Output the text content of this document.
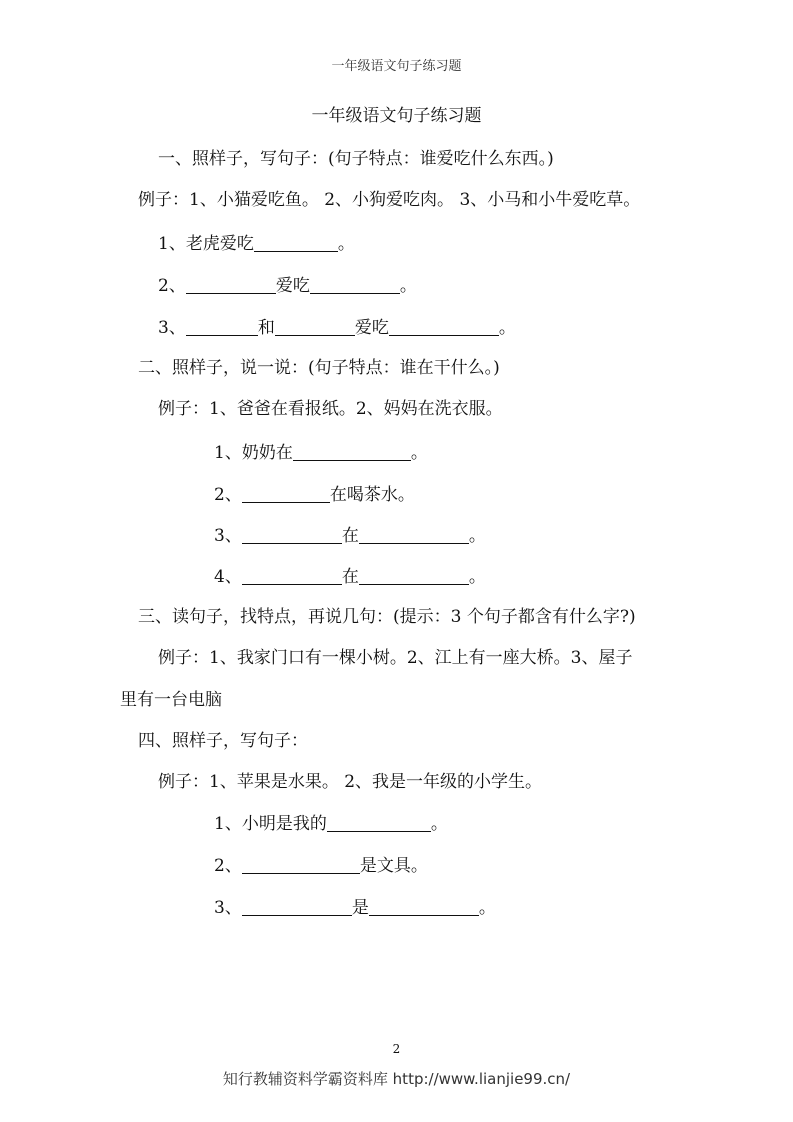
一年级语文句子练习题
一年级语文句子练习题
一、照样子，写句子：(句子特点：谁爱吃什么东西。)
例子：1、小猫爱吃鱼。 2、小狗爱吃肉。 3、小马和小牛爱吃草。
1、老虎爱吃	。
2、	爱吃	。
3、	和	爱吃	。
二、照样子，说一说：(句子特点：谁在干什么。)
例子：1、爸爸在看报纸。2、妈妈在洗衣服。
1、奶奶在	。
2、	在喝茶水。
3、	在	。
4、	在	。
三、读句子，找特点，再说几句：(提示：3 个句子都含有什么字?)
例子：1、我家门口有一棵小树。2、江上有一座大桥。3、屋子
里有一台电脑
四、照样子，写句子：
例子：1、苹果是水果。 2、我是一年级的小学生。
1、小明是我的	。
2、	是文具。
3、	是	。
2
知行教辅资料学霸资料库 http://www.lianjie99.cn/
